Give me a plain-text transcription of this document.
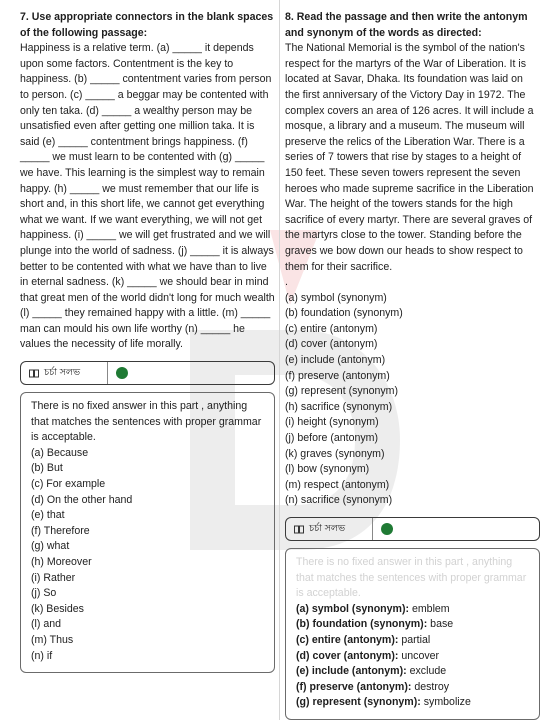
7. Use appropriate connectors in the blank spaces of the following passage:

Happiness is a relative term. (a) _____ it depends upon some factors. Contentment is the key to happiness. (b) _____ contentment varies from person to person. (c) _____ a beggar may be contented with only ten taka. (d) _____ a wealthy person may be unsatisfied even after getting one million taka. It is said (e) _____ contentment brings happiness. (f) _____ we must learn to be contented with (g) _____ we have. This learning is the simplest way to remain happy. (h) _____ we must remember that our life is short and, in this short life, we cannot get everything what we want. If we want everything, we will not get happiness. (i) _____ we will get frustrated and we will plunge into the world of sadness. (j) _____ it is always better to be contented with what we have than to live in eternal sadness. (k) _____ we should bear in mind that great men of the world didn't long for much wealth (l) _____ they remained happy with a little. (m) _____ man can mould his own life worthy (n) _____ he values the necessity of life morally.

চর্চা সলভ

There is no fixed answer in this part , anything that matches the sentences with proper grammar is acceptable.

(a) Because
(b) But
(c) For example
(d) On the other hand
(e) that
(f) Therefore
(g) what
(h) Moreover
(i) Rather
(j) So
(k) Besides
(l) and
(m) Thus
(n) if

8. Read the passage and then write the antonym and synonym of the words as directed:

The National Memorial is the symbol of the nation's respect for the martyrs of the War of Liberation. It is located at Savar, Dhaka. Its foundation was laid on the first anniversary of the Victory Day in 1972. The complex covers an area of 126 acres. It will include a mosque, a library and a museum. The museum will preserve the relics of the Liberation War. There is a series of 7 towers that rise by stages to a height of 150 feet. These seven towers represent the seven heroes who made supreme sacrifice in the Liberation War. The height of the towers stands for the high sacrifice of every martyr. There are several graves of the martyrs close to the tower. Standing before the graves we bow down our heads to show respect to them for their sacrifice.

.
(a) symbol (synonym)
(b) foundation (synonym)
(c) entire (antonym)
(d) cover (antonym)
(e) include (antonym)
(f) preserve (antonym)
(g) represent (synonym)
(h) sacrifice (synonym)
(i) height (synonym)
(j) before (antonym)
(k) graves (synonym)
(l) bow (synonym)
(m) respect (antonym)
(n) sacrifice (synonym)
চর্চা সলভ

There is no fixed answer in this part , anything that matches the sentences with proper grammar is acceptable.

(a) symbol (synonym): emblem
(b) foundation (synonym): base
(c) entire (antonym): partial
(d) cover (antonym): uncover
(e) include (antonym): exclude
(f) preserve (antonym): destroy
(g) represent (synonym): symbolize
